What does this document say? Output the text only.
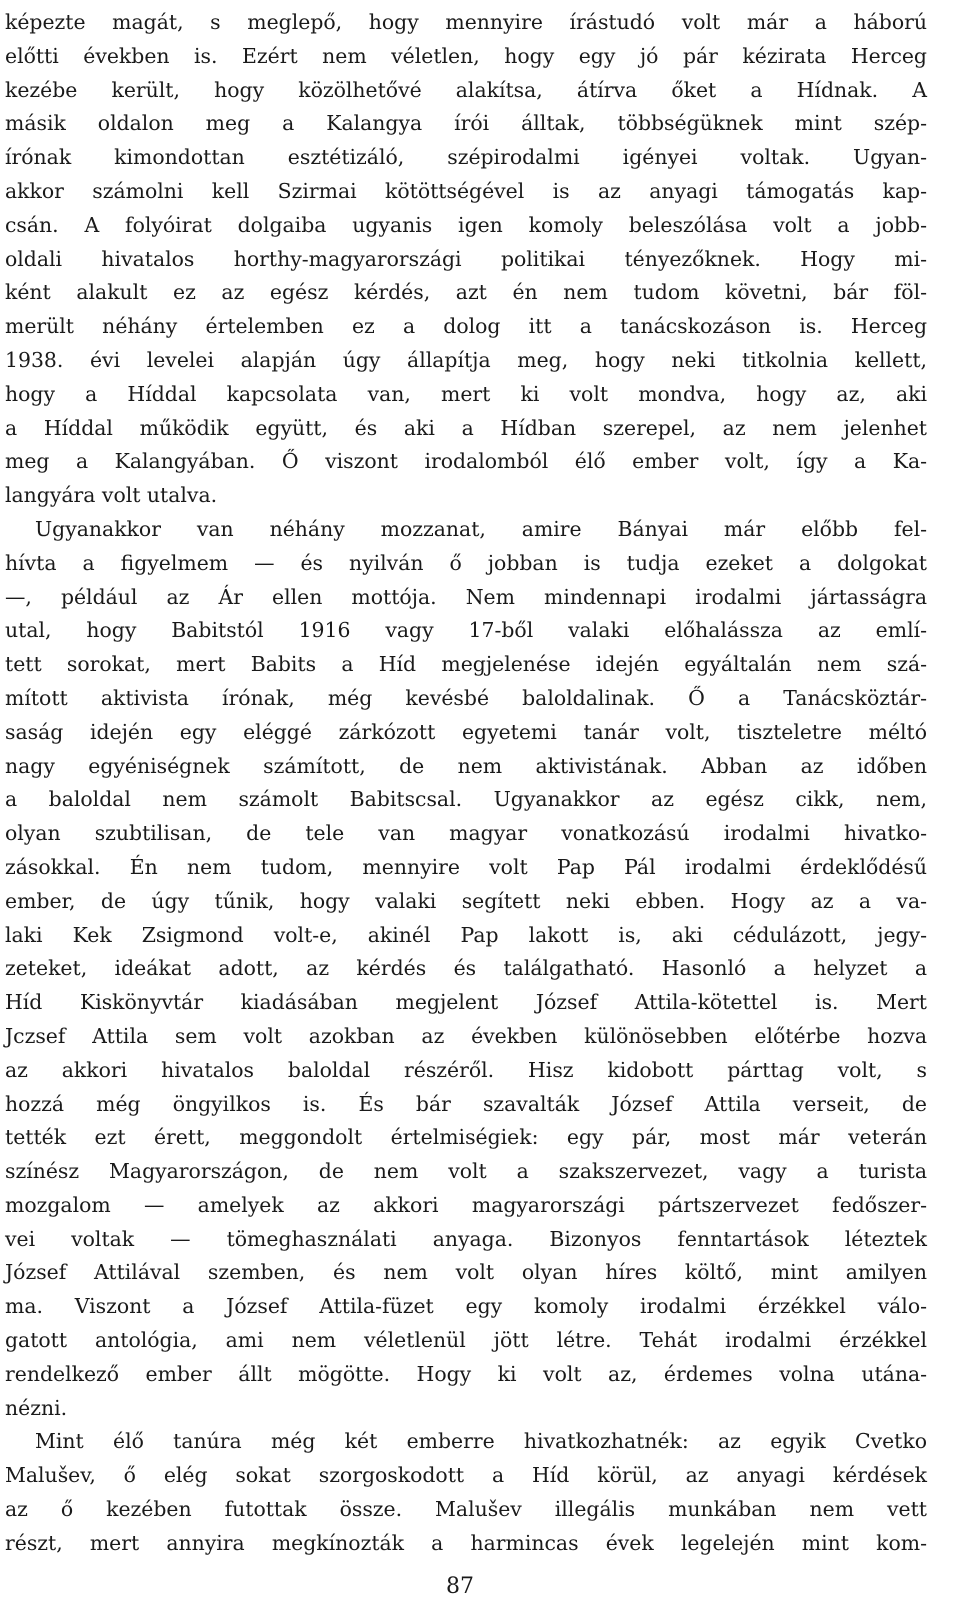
képezte magát, s meglepő, hogy mennyire írástudó volt már a háború
előtti években is. Ezért nem véletlen, hogy egy jó pár kézirata Herceg
kezébe került, hogy közölhetővé alakítsa, átírva őket a Hídnak. A
másik oldalon meg a Kalangya írói álltak, többségüknek mint szép-
írónak kimondottan esztétizáló, szépirodalmi igényei voltak. Ugyan-
akkor számolni kell Szirmai kötöttségével is az anyagi támogatás kap-
csán. A folyóirat dolgaiba ugyanis igen komoly beleszólása volt a jobb-
oldali hivatalos horthy-magyarországi politikai tényezőknek. Hogy mi-
ként alakult ez az egész kérdés, azt én nem tudom követni, bár föl-
merült néhány értelemben ez a dolog itt a tanácskozáson is. Herceg
1938. évi levelei alapján úgy állapítja meg, hogy neki titkolnia kellett,
hogy a Híddal kapcsolata van, mert ki volt mondva, hogy az, aki
a Híddal működik együtt, és aki a Hídban szerepel, az nem jelenhet
meg a Kalangyában. Ő viszont irodalomból élő ember volt, így a Ka-
langyára volt utalva.
Ugyanakkor van néhány mozzanat, amire Bányai már előbb fel-
hívta a figyelmem — és nyilván ő jobban is tudja ezeket a dolgokat
—, például az Ár ellen mottója. Nem mindennapi irodalmi jártasságra
utal, hogy Babitstól 1916 vagy 17-ből valaki előhalássza az emlí-
tett sorokat, mert Babits a Híd megjelenése idején egyáltalán nem szá-
mított aktivista írónak, még kevésbé baloldalinak. Ő a Tanácsköztár-
saság idején egy eléggé zárkózott egyetemi tanár volt, tiszteletre méltó
nagy egyéniségnek számított, de nem aktivistának. Abban az időben
a baloldal nem számolt Babitscsal. Ugyanakkor az egész cikk, nem,
olyan szubtilisan, de tele van magyar vonatkozású irodalmi hivatko-
zásokkal. Én nem tudom, mennyire volt Pap Pál irodalmi érdeklődésű
ember, de úgy tűnik, hogy valaki segített neki ebben. Hogy az a va-
laki Kek Zsigmond volt-e, akinél Pap lakott is, aki cédulázott, jegy-
zeteket, ideákat adott, az kérdés és találgatható. Hasonló a helyzet a
Híd Kiskönyvtár kiadásában megjelent József Attila-kötettel is. Mert
Jczsef Attila sem volt azokban az években különösebben előtérbe hozva
az akkori hivatalos baloldal részéről. Hisz kidobott párttag volt, s
hozzá még öngyilkos is. És bár szavalták József Attila verseit, de
tették ezt érett, meggondolt értelmiségiek: egy pár, most már veterán
színész Magyarországon, de nem volt a szakszervezet, vagy a turista
mozgalom — amelyek az akkori magyarországi pártszervezet fedőszer-
vei voltak — tömeghasználati anyaga. Bizonyos fenntartások léteztek
József Attilával szemben, és nem volt olyan híres költő, mint amilyen
ma. Viszont a József Attila-füzet egy komoly irodalmi érzékkel válo-
gatott antológia, ami nem véletlenül jött létre. Tehát irodalmi érzékkel
rendelkező ember állt mögötte. Hogy ki volt az, érdemes volna utána-
nézni.
Mint élő tanúra még két emberre hivatkozhatnék: az egyik Cvetko
Malušev, ő elég sokat szorgoskodott a Híd körül, az anyagi kérdések
az ő kezében futottak össze. Malušev illegális munkában nem vett
részt, mert annyira megkínozták a harmincas évek legelején mint kom-
87
